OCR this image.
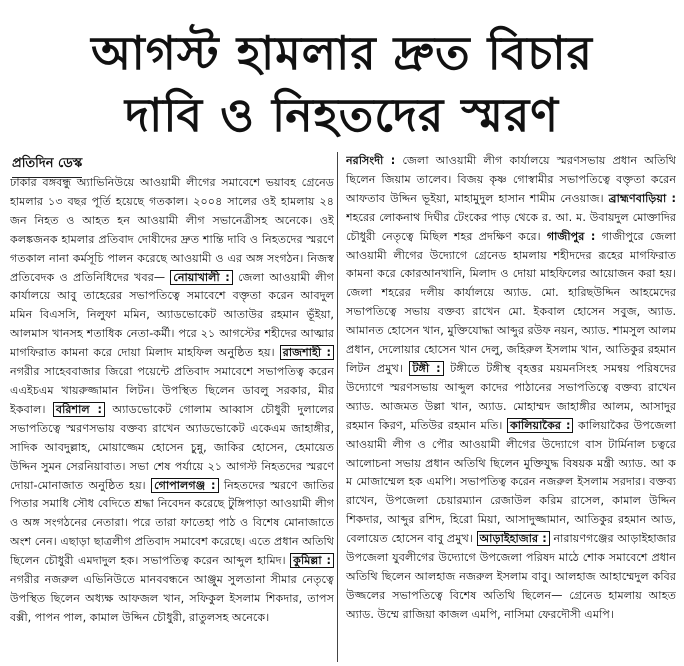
আগস্ট হামলার দ্রুত বিচার
দাবি ও নিহতদের স্মরণ
প্রতিদিন ডেস্ক

ঢাকার বঙ্গবন্ধু অ্যাভিনিউয়ে আওয়ামী লীগের সমাবেশে ভয়াবহ গ্রেনেড হামলার ১৩ বছর পূর্তি হয়েছে গতকাল। ২০০৪ সালের ওই হামলায় ২৪ জন নিহত ও আহত হন আওয়ামী লীগ সভানেত্রীসহ অনেকে। ওই কলঙ্কজনক হামলার প্রতিবাদ দোষীদের দ্রুত শান্তি দাবি ও নিহতদের স্মরণে গতকাল নানা কর্মসূচি পালন করেছে আওয়ামী ও এর অঙ্গ সংগঠন। নিজস্ব প্রতিবেদক ও প্রতিনিধিদের খবর— নোয়াখালী : জেলা আওয়ামী লীগ কার্যালয়ে আবু তাহেরের সভাপতিত্বে সমাবেশে বক্তৃতা করেন আবদুল মমিন বিএসসি, নিলুফা মমিন, অ্যাডভোকেট আতাউর রহমান ভূঁইয়া, আলমাস খানসহ শতাধিক নেতা-কর্মী। পরে ২১ আগস্টের শহীদের আত্মার মাগফিরাত কামনা করে দোয়া মিলাদ মাহফিল অনুষ্ঠিত হয়। রাজশাহী : নগরীর সাহেববাজার জিরো পয়েন্টে প্রতিবাদ সমাবেশে সভাপতিত্ব করেন এএইচএম খায়রুজ্জামান লিটন। উপস্থিত ছিলেন ডাবলু সরকার, মীর ইকবাল। বরিশাল : অ্যাডভোকেট গোলাম আব্বাস চৌধুরী দুলালের সভাপতিত্বে স্মরণসভায় বক্তব্য রাখেন অ্যাডভোকেট একেএম জাহাঙ্গীর, সাদিক আবদুল্লাহ, মোয়াজ্জেম হোসেন চুন্নু, জাকির হোসেন, হেমায়েত উদ্দিন সুমন সেরনিয়াবাত। সভা শেষ পর্যায়ে ২১ আগস্ট নিহতদের স্মরণে দোয়া-মোনাজাত অনুষ্ঠিত হয়। গোপালগঞ্জ : নিহতদের স্মরণে জাতির পিতার সমাধি সৌধ বেদিতে শ্রদ্ধা নিবেদন করেছে টুঙ্গিপাড়া আওয়ামী লীগ ও অঙ্গ সংগঠনের নেতারা। পরে তারা ফাতেহা পাঠ ও বিশেষ মোনাজাতে অংশ নেন। এছাড়া ছাত্রলীগ প্রতিবাদ সমাবেশ করেছে। এতে প্রধান অতিথি ছিলেন চৌধুরী এমদাদুল হক। সভাপতিত্ব করেন আব্দুল হামিদ। কুমিল্লা : নগরীর নজরুল এভিনিউতে মানববন্ধনে আঞ্জুম সুলতানা সীমার নেতৃত্বে উপস্থিত ছিলেন অধ্যক্ষ আফজল খান, সফিকুল ইসলাম শিকদার, তাপস বক্সী, পাপন পাল, কামাল উদ্দিন চৌধুরী, রাতুলসহ অনেকে।

নরসিংদী : জেলা আওয়ামী লীগ কার্যালয়ে স্মরণসভায় প্রধান অতিথি ছিলেন জিয়াম তালেব। বিজয় কৃষ্ণ গোস্বামীর সভাপতিত্বে বক্তৃতা করেন আফতাব উদ্দিন ভূইয়া, মাহামুদুল হাসান শামীম নেওয়াজ। ব্রাহ্মণবাড়িয়া : শহরের লোকনাথ দিঘীর টেংকের পাড় থেকে র. আ. ম. উবায়দুল মোক্তাদির চৌধুরী নেতৃত্বে মিছিল শহর প্রদক্ষিণ করে। গাজীপুর : গাজীপুরে জেলা আওয়ামী লীগের উদ্যোগে গ্রেনেড হামলায় শহীদদের রূহের মাগফিরাত কামনা করে কোরআনখানি, মিলাদ ও দোয়া মাহফিলের আয়োজন করা হয়। জেলা শহরের দলীয় কার্যালয়ে অ্যাড. মো. হারিছউদ্দিন আহমেদের সভাপতিত্বে সভায় বক্তব্য রাখেন মো. ইকবাল হোসেন সবুজ, অ্যাড. আমানত হোসেন খান, মুক্তিযোদ্ধা আব্দুর রউফ নয়ন, অ্যাড. শামসুল আলম প্রধান, দেলোয়ার হোসেন খান দেলু, জহিরুল ইসলাম খান, আতিকুর রহমান লিটন প্রমুখ। টঙ্গী : টঙ্গীতে টঙ্গীস্থ বৃহত্তর ময়মনসিংহ সমন্বয় পরিষদের উদ্যোগে স্মরণসভায় আব্দুল কাদের পাঠানের সভাপতিত্বে বক্তব্য রাখেন অ্যাড. আজমত উল্লা খান, অ্যাড. মোহাম্মদ জাহাঙ্গীর আলম, আসাদুর রহমান কিরণ, মতিউর রহমান মতি। কালিয়াকৈর : কালিয়াকৈর উপজেলা আওয়ামী লীগ ও পৌর আওয়ামী লীগের উদ্যোগে বাস টার্মিনাল চত্বরে আলোচনা সভায় প্রধান অতিথি ছিলেন মুক্তিযুদ্ধ বিষয়ক মন্ত্রী অ্যাড. আ ক ম মোজাম্মেল হক এমপি। সভাপতিত্ব করেন নজরুল ইসলাম সরদার। বক্তব্য রাখেন, উপজেলা চেয়ারম্যান রেজাউল করিম রাসেল, কামাল উদ্দিন শিকদার, আব্দুর রশিদ, হিরো মিয়া, আসাদুজ্জামান, আতিকুর রহমান আড, বেলায়েত হোসেন বাবু প্রমুখ। আড়াইহাজার : নারায়ণগঞ্জের আড়াইহাজার উপজেলা যুবলীগের উদ্যোগে উপজেলা পরিষদ মাঠে শোক সমাবেশে প্রধান অতিথি ছিলেন আলহাজ নজরুল ইসলাম বাবু। আলহাজ আহাম্মেদুল কবির উজ্জলের সভাপতিত্বে বিশেষ অতিথি ছিলেন— গ্রেনেড হামলায় আহত অ্যাড. উম্মে রাজিয়া কাজল এমপি, নাসিমা ফেরদৌসী এমপি।
